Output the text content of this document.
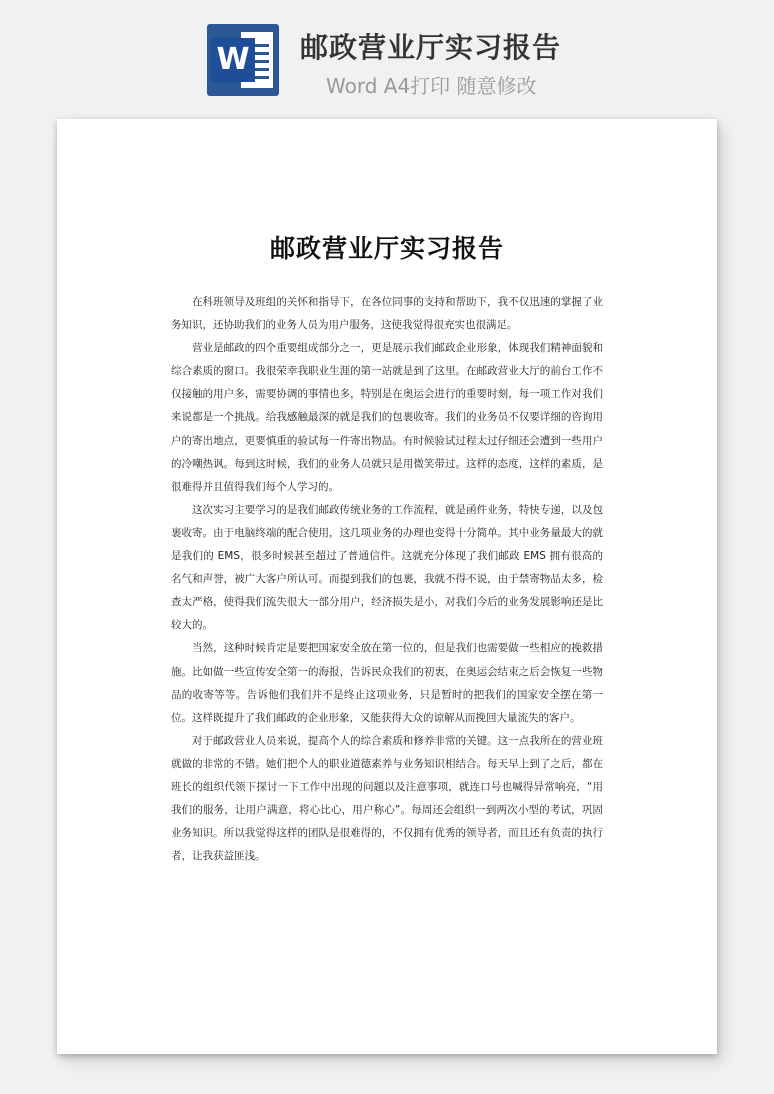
W 邮政营业厅实习报告
Word A4打印 随意修改
邮政营业厅实习报告

在科班领导及班组的关怀和指导下，在各位同事的支持和帮助下，我不仅迅速的掌握了业务知识，还协助我们的业务人员为用户服务，这使我觉得很充实也很满足。

营业是邮政的四个重要组成部分之一，更是展示我们邮政企业形象，体现我们精神面貌和综合素质的窗口。我很荣幸我职业生涯的第一站就是到了这里。在邮政营业大厅的前台工作不仅接触的用户多，需要协调的事情也多，特别是在奥运会进行的重要时刻，每一项工作对我们来说都是一个挑战。给我感触最深的就是我们的包裹收寄。我们的业务员不仅要详细的咨询用户的寄出地点，更要慎重的验试每一件寄出物品。有时候验试过程太过仔细还会遭到一些用户的冷嘲热讽。每到这时候，我们的业务人员就只是用微笑带过。这样的态度，这样的素质，是很难得并且值得我们每个人学习的。

这次实习主要学习的是我们邮政传统业务的工作流程，就是函件业务，特快专递，以及包裹收寄。由于电脑终端的配合使用，这几项业务的办理也变得十分简单。其中业务量最大的就是我们的 EMS，很多时候甚至超过了普通信件。这就充分体现了我们邮政 EMS 拥有很高的名气和声誉，被广大客户所认可。而提到我们的包裹，我就不得不说，由于禁寄物品太多，检查太严格，使得我们流失很大一部分用户，经济损失是小，对我们今后的业务发展影响还是比较大的。

当然，这种时候肯定是要把国家安全放在第一位的，但是我们也需要做一些相应的挽救措施。比如做一些宣传安全第一的海报，告诉民众我们的初衷，在奥运会结束之后会恢复一些物品的收寄等等。告诉他们我们并不是终止这项业务，只是暂时的把我们的国家安全摆在第一位。这样既提升了我们邮政的企业形象，又能获得大众的谅解从而挽回大量流失的客户。

对于邮政营业人员来说，提高个人的综合素质和修养非常的关键。这一点我所在的营业班就做的非常的不错。她们把个人的职业道德素养与业务知识相结合。每天早上到了之后，都在班长的组织代领下探讨一下工作中出现的问题以及注意事项，就连口号也喊得异常响亮，“用我们的服务，让用户满意，将心比心，用户称心”。每周还会组织一到两次小型的考试，巩固业务知识。所以我觉得这样的团队是很难得的，不仅拥有优秀的领导者，而且还有负责的执行者，让我获益匪浅。
